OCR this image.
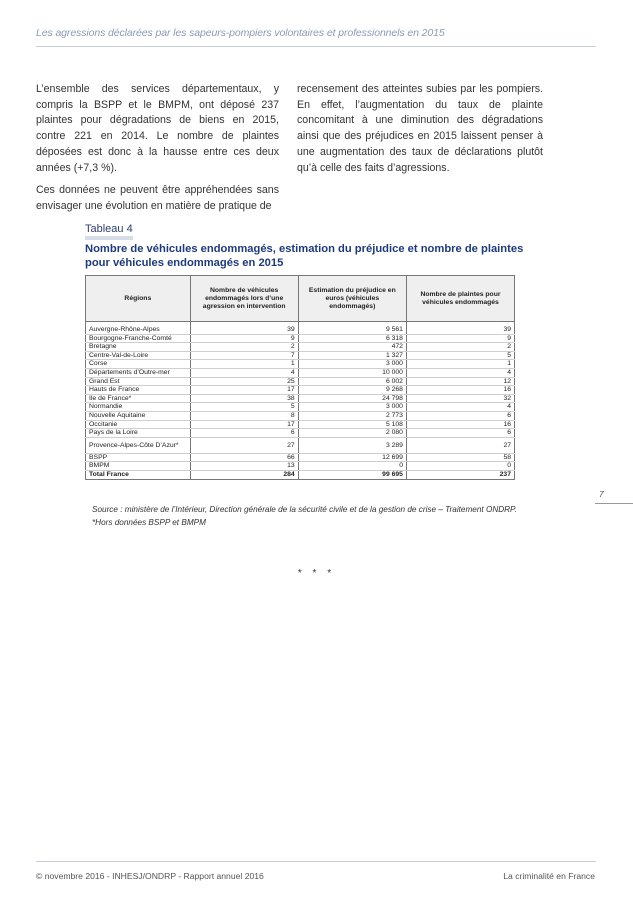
Les agressions déclarées par les sapeurs-pompiers volontaires et professionnels en 2015

L’ensemble des services départementaux, y compris la BSPP et le BMPM, ont déposé 237 plaintes pour dégradations de biens en 2015, contre 221 en 2014. Le nombre de plaintes déposées est donc à la hausse entre ces deux années (+7,3 %).

Ces données ne peuvent être appréhendées sans envisager une évolution en matière de pratique de

recensement des atteintes subies par les pompiers. En effet, l’augmentation du taux de plainte concomitant à une diminution des dégradations ainsi que des préjudices en 2015 laissent penser à une augmentation des taux de déclarations plutôt qu’à celle des faits d’agressions.

Tableau 4
Nombre de véhicules endommagés, estimation du préjudice et nombre de plaintes pour véhicules endommagés en 2015
Régions	Nombre de véhicules endommagés lors d’une agression en intervention	Estimation du préjudice en euros (véhicules endommagés)	Nombre de plaintes pour véhicules endommagés

Auvergne-Rhône-Alpes	39	9 561	39
Bourgogne-Franche-Comté	9	6 318	9
Bretagne	2	472	2
Centre-Val-de-Loire	7	1 327	5
Corse	1	3 000	1
Départements d’Outre-mer	4	10 000	4
Grand Est	25	6 002	12
Hauts de France	17	9 268	16
Ile de France*	38	24 798	32
Normandie	5	3 000	4
Nouvelle Aquitaine	8	2 773	6
Occitanie	17	5 108	16
Pays de la Loire	6	2 080	6
Provence-Alpes-Côte D’Azur*	27	3 289	27
BSPP	66	12 699	58
BMPM	13	0	0
Total France	284	99 695	237
Source : ministère de l’Intérieur, Direction générale de la sécurité civile et de la gestion de crise – Traitement ONDRP.
*Hors données BSPP et BMPM
7
* * *
© novembre 2016 - INHESJ/ONDRP - Rapport annuel 2016	La criminalité en France
